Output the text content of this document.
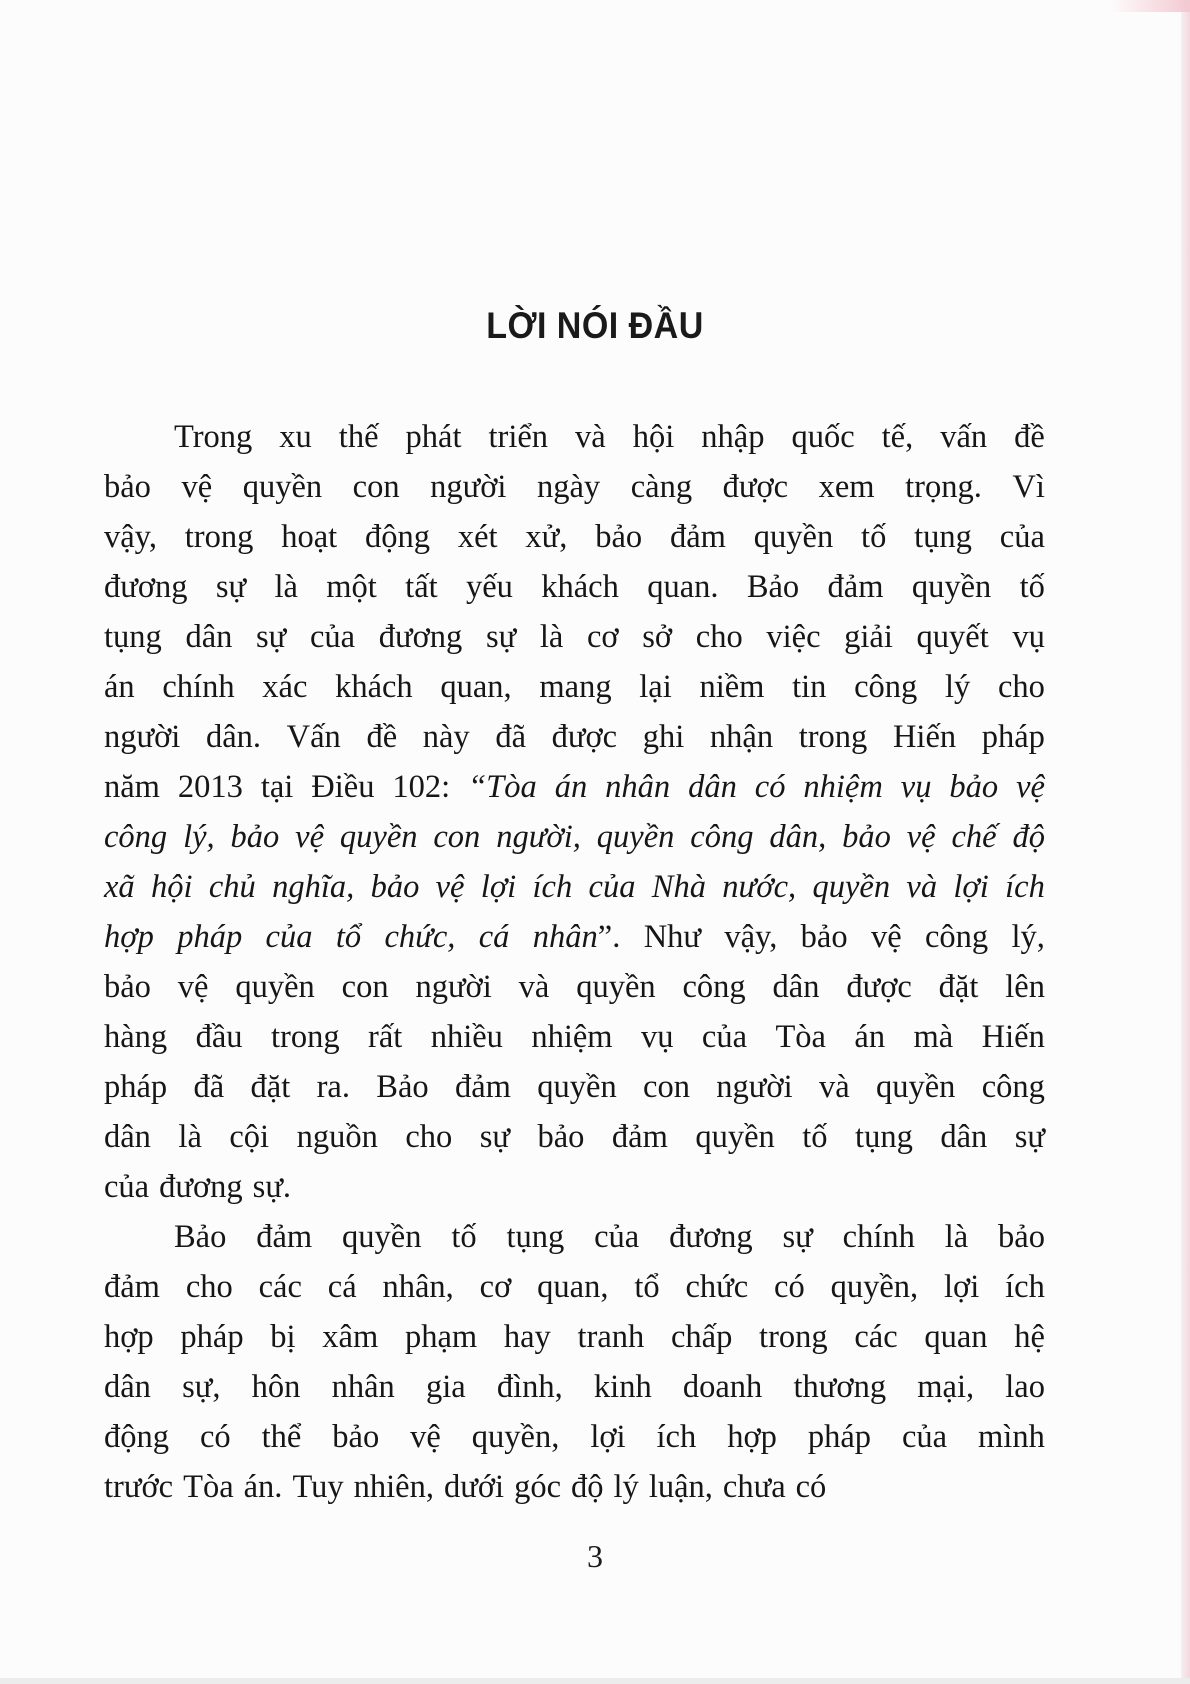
LỜI NÓI ĐẦU
Trong xu thế phát triển và hội nhập quốc tế, vấn đề
bảo vệ quyền con người ngày càng được xem trọng. Vì
vậy, trong hoạt động xét xử, bảo đảm quyền tố tụng của
đương sự là một tất yếu khách quan. Bảo đảm quyền tố
tụng dân sự của đương sự là cơ sở cho việc giải quyết vụ
án chính xác khách quan, mang lại niềm tin công lý cho
người dân. Vấn đề này đã được ghi nhận trong Hiến pháp
năm 2013 tại Điều 102: “Tòa án nhân dân có nhiệm vụ bảo vệ
công lý, bảo vệ quyền con người, quyền công dân, bảo vệ chế độ
xã hội chủ nghĩa, bảo vệ lợi ích của Nhà nước, quyền và lợi ích
hợp pháp của tổ chức, cá nhân”. Như vậy, bảo vệ công lý,
bảo vệ quyền con người và quyền công dân được đặt lên
hàng đầu trong rất nhiều nhiệm vụ của Tòa án mà Hiến
pháp đã đặt ra. Bảo đảm quyền con người và quyền công
dân là cội nguồn cho sự bảo đảm quyền tố tụng dân sự
của đương sự.
Bảo đảm quyền tố tụng của đương sự chính là bảo
đảm cho các cá nhân, cơ quan, tổ chức có quyền, lợi ích
hợp pháp bị xâm phạm hay tranh chấp trong các quan hệ
dân sự, hôn nhân gia đình, kinh doanh thương mại, lao
động có thể bảo vệ quyền, lợi ích hợp pháp của mình
trước Tòa án. Tuy nhiên, dưới góc độ lý luận, chưa có
3
